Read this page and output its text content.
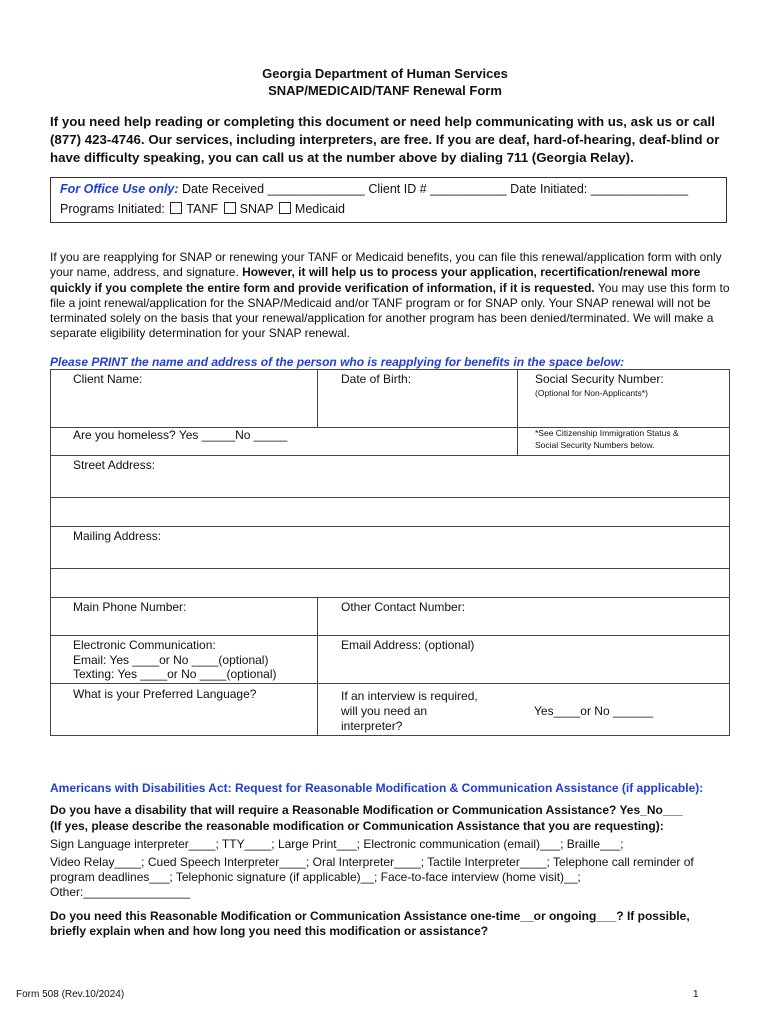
Georgia Department of Human Services
SNAP/MEDICAID/TANF Renewal Form
If you need help reading or completing this document or need help communicating with us, ask us or call (877) 423-4746. Our services, including interpreters, are free. If you are deaf, hard-of-hearing, deaf-blind or have difficulty speaking, you can call us at the number above by dialing 711 (Georgia Relay).
For Office Use only: Date Received ______________ Client ID # ___________ Date Initiated: ______________
Programs Initiated: TANF SNAP Medicaid
If you are reapplying for SNAP or renewing your TANF or Medicaid benefits, you can file this renewal/application form with only your name, address, and signature. However, it will help us to process your application, recertification/renewal more quickly if you complete the entire form and provide verification of information, if it is requested. You may use this form to file a joint renewal/application for the SNAP/Medicaid and/or TANF program or for SNAP only. Your SNAP renewal will not be terminated solely on the basis that your renewal/application for another program has been denied/terminated. We will make a separate eligibility determination for your SNAP renewal.
Please PRINT the name and address of the person who is reapplying for benefits in the space below:
Client Name:	Date of Birth:	Social Security Number:
(Optional for Non-Applicants*)
Are you homeless? Yes _____No _____	*See Citizenship Immigration Status &
Social Security Numbers below.
Street Address:
Mailing Address:
Main Phone Number:	Other Contact Number:
Electronic Communication:
Email: Yes ____or No ____(optional)
Texting: Yes ____or No ____(optional)
Email Address: (optional)
What is your Preferred Language?	If an interview is required,
will you need an
interpreter?
Yes____or No ______
Americans with Disabilities Act: Request for Reasonable Modification & Communication Assistance (if applicable):
Do you have a disability that will require a Reasonable Modification or Communication Assistance? Yes_No___
(If yes, please describe the reasonable modification or Communication Assistance that you are requesting):
Sign Language interpreter____; TTY____; Large Print___; Electronic communication (email)___; Braille___;
Video Relay____; Cued Speech Interpreter____; Oral Interpreter____; Tactile Interpreter____; Telephone call reminder of
program deadlines___; Telephonic signature (if applicable)__; Face-to-face interview (home visit)__;
Other:________________
Do you need this Reasonable Modification or Communication Assistance one-time__or ongoing___? If possible,
briefly explain when and how long you need this modification or assistance?
Form 508 (Rev.10/2024)	1
